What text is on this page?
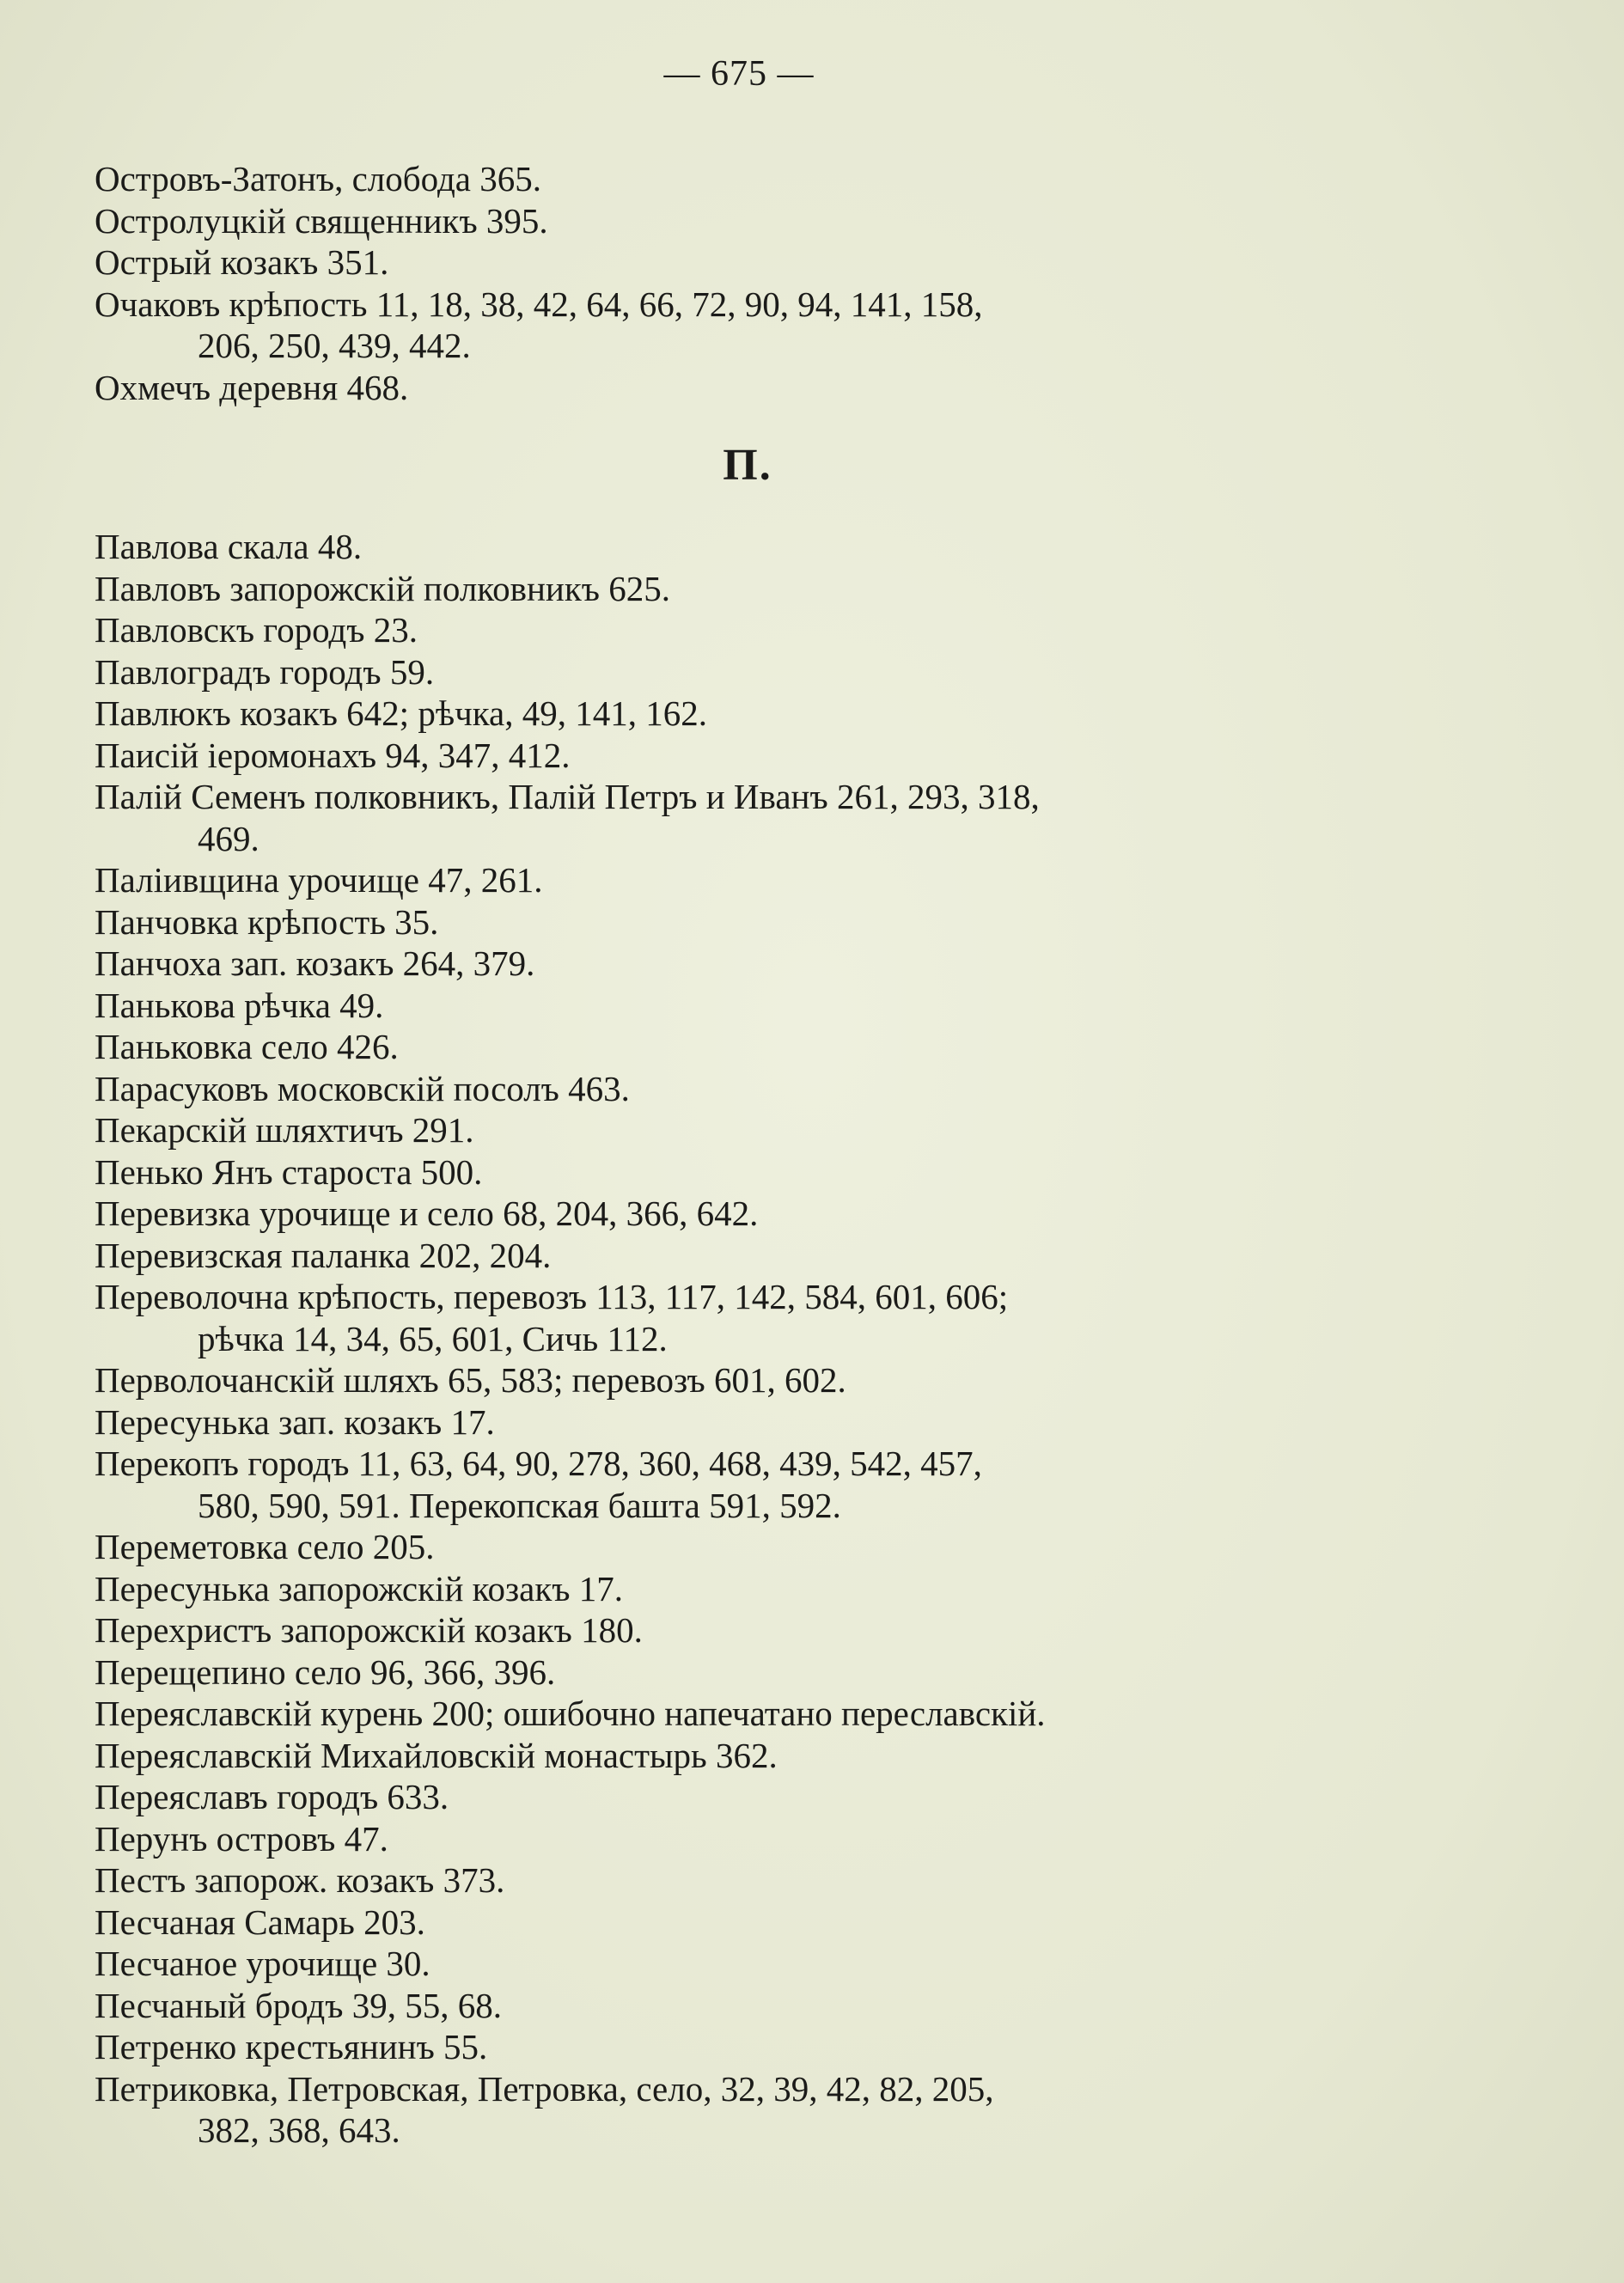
— 675 —
Островъ-Затонъ, слобода 365.
Остролуцкій священникъ 395.
Острый козакъ 351.
Очаковъ крѣпость 11, 18, 38, 42, 64, 66, 72, 90, 94, 141, 158,
206, 250, 439, 442.
Охмечъ деревня 468.
П.
Павлова скала 48.
Павловъ запорожскій полковникъ 625.
Павловскъ городъ 23.
Павлоградъ городъ 59.
Павлюкъ козакъ 642; рѣчка, 49, 141, 162.
Паисій іеромонахъ 94, 347, 412.
Палій Семенъ полковникъ, Палій Петръ и Иванъ 261, 293, 318,
469.
Палiивщина урочище 47, 261.
Панчовка крѣпость 35.
Панчоха зап. козакъ 264, 379.
Панькова рѣчка 49.
Паньковка село 426.
Парасуковъ московскій посолъ 463.
Пекарскій шляхтичъ 291.
Пенько Янъ староста 500.
Перевизка урочище и село 68, 204, 366, 642.
Перевизская паланка 202, 204.
Переволочна крѣпость, перевозъ 113, 117, 142, 584, 601, 606;
рѣчка 14, 34, 65, 601, Сичь 112.
Перволочанскій шляхъ 65, 583; перевозъ 601, 602.
Пересунька зап. козакъ 17.
Перекопъ городъ 11, 63, 64, 90, 278, 360, 468, 439, 542, 457,
580, 590, 591. Перекопская башта 591, 592.
Переметовка село 205.
Пересунька запорожскій козакъ 17.
Перехристъ запорожскій козакъ 180.
Перещепино село 96, 366, 396.
Переяславскій курень 200; ошибочно напечатано переславскій.
Переяславскій Михайловскій монастырь 362.
Переяславъ городъ 633.
Перунъ островъ 47.
Пестъ запорож. козакъ 373.
Песчаная Самарь 203.
Песчаное урочище 30.
Песчаный бродъ 39, 55, 68.
Петренко крестьянинъ 55.
Петриковка, Петровская, Петровка, село, 32, 39, 42, 82, 205,
382, 368, 643.
